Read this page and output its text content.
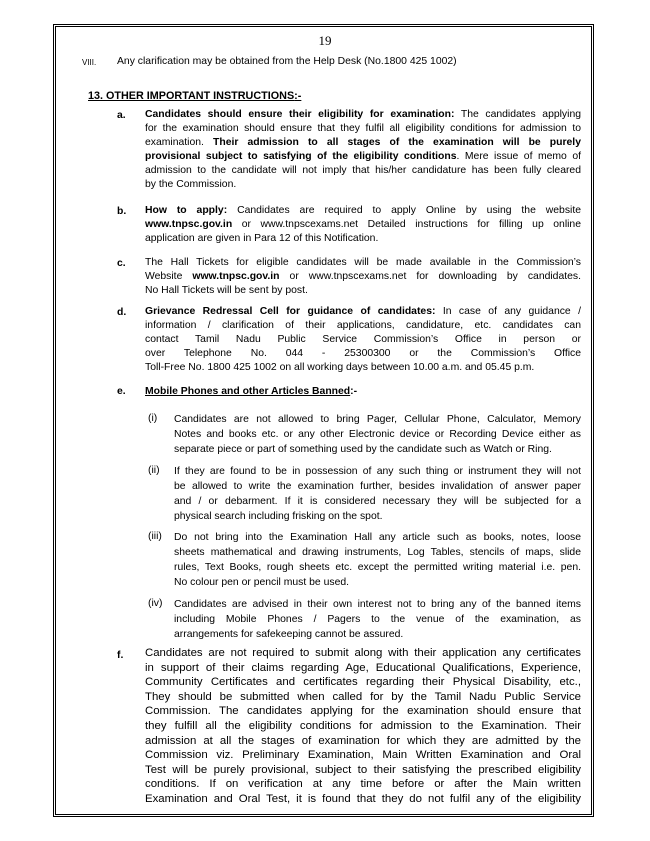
19
VIII. Any clarification may be obtained from the Help Desk (No.1800 425 1002)
13. OTHER IMPORTANT INSTRUCTIONS:-
a. Candidates should ensure their eligibility for examination: The candidates applying
for the examination should ensure that they fulfil all eligibility conditions for admission to
examination. Their admission to all stages of the examination will be purely
provisional subject to satisfying of the eligibility conditions. Mere issue of memo of
admission to the candidate will not imply that his/her candidature has been fully cleared
by the Commission.
b. How to apply: Candidates are required to apply Online by using the website
www.tnpsc.gov.in or www.tnpscexams.net Detailed instructions for filling up online
application are given in Para 12 of this Notification.
c. The Hall Tickets for eligible candidates will be made available in the Commission’s
Website www.tnpsc.gov.in or www.tnpscexams.net for downloading by candidates.
No Hall Tickets will be sent by post.
d. Grievance Redressal Cell for guidance of candidates: In case of any guidance /
information / clarification of their applications, candidature, etc. candidates can
contact Tamil Nadu Public Service Commission’s Office in person or
over Telephone No. 044 - 25300300 or the Commission’s Office
Toll-Free No. 1800 425 1002 on all working days between 10.00 a.m. and 05.45 p.m.
e. Mobile Phones and other Articles Banned:-
(i) Candidates are not allowed to bring Pager, Cellular Phone, Calculator, Memory
Notes and books etc. or any other Electronic device or Recording Device either as
separate piece or part of something used by the candidate such as Watch or Ring.
(ii) If they are found to be in possession of any such thing or instrument they will not
be allowed to write the examination further, besides invalidation of answer paper
and / or debarment. If it is considered necessary they will be subjected for a
physical search including frisking on the spot.
(iii) Do not bring into the Examination Hall any article such as books, notes, loose
sheets mathematical and drawing instruments, Log Tables, stencils of maps, slide
rules, Text Books, rough sheets etc. except the permitted writing material i.e. pen.
No colour pen or pencil must be used.
(iv) Candidates are advised in their own interest not to bring any of the banned items
including Mobile Phones / Pagers to the venue of the examination, as
arrangements for safekeeping cannot be assured.
f. Candidates are not required to submit along with their application any certificates
in support of their claims regarding Age, Educational Qualifications, Experience,
Community Certificates and certificates regarding their Physical Disability, etc.,
They should be submitted when called for by the Tamil Nadu Public Service
Commission. The candidates applying for the examination should ensure that
they fulfill all the eligibility conditions for admission to the Examination. Their
admission at all the stages of examination for which they are admitted by the
Commission viz. Preliminary Examination, Main Written Examination and Oral
Test will be purely provisional, subject to their satisfying the prescribed eligibility
conditions. If on verification at any time before or after the Main written
Examination and Oral Test, it is found that they do not fulfil any of the eligibility
